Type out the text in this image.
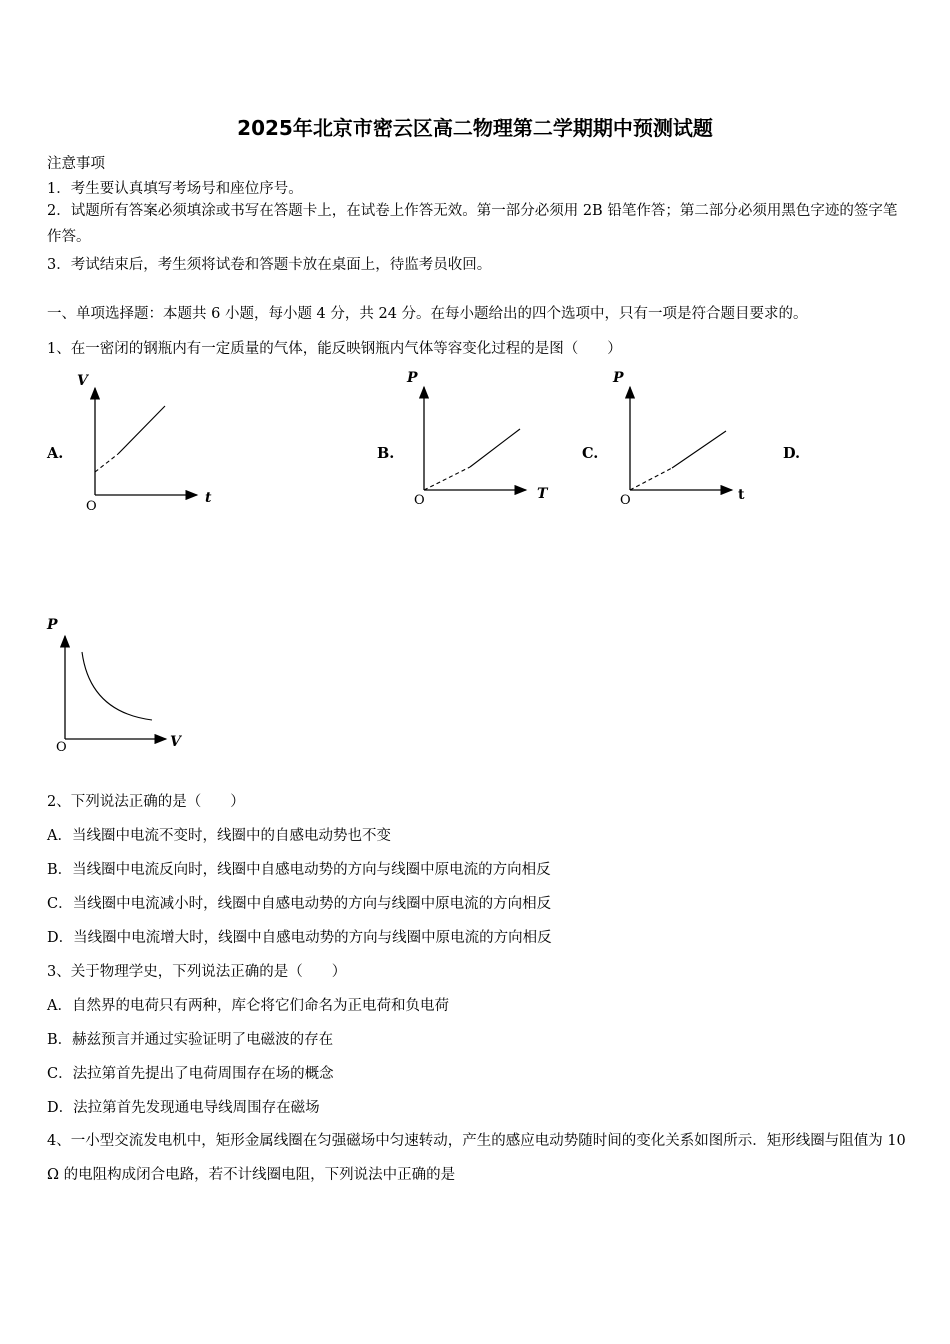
2025年北京市密云区高二物理第二学期期中预测试题
注意事项
1．考生要认真填写考场号和座位序号。
2．试题所有答案必须填涂或书写在答题卡上，在试卷上作答无效。第一部分必须用 2B 铅笔作答；第二部分必须用黑色字迹的签字笔作答。
3．考试结束后，考生须将试卷和答题卡放在桌面上，待监考员收回。
一、单项选择题：本题共 6 小题，每小题 4 分，共 24 分。在每小题给出的四个选项中，只有一项是符合题目要求的。
1、在一密闭的钢瓶内有一定质量的气体，能反映钢瓶内气体等容变化过程的是图（　　）
A.	B.	C.	D.
V
t
O
P
T
O
P
t
O
P
V
O
2、下列说法正确的是（　　）
A．当线圈中电流不变时，线圈中的自感电动势也不变
B．当线圈中电流反向时，线圈中自感电动势的方向与线圈中原电流的方向相反
C．当线圈中电流减小时，线圈中自感电动势的方向与线圈中原电流的方向相反
D．当线圈中电流增大时，线圈中自感电动势的方向与线圈中原电流的方向相反
3、关于物理学史，下列说法正确的是（　　）
A．自然界的电荷只有两种，库仑将它们命名为正电荷和负电荷
B．赫兹预言并通过实验证明了电磁波的存在
C．法拉第首先提出了电荷周围存在场的概念
D．法拉第首先发现通电导线周围存在磁场
4、一小型交流发电机中，矩形金属线圈在匀强磁场中匀速转动，产生的感应电动势随时间的变化关系如图所示．矩形线圈与阻值为 10 Ω 的电阻构成闭合电路，若不计线圈电阻，下列说法中正确的是
